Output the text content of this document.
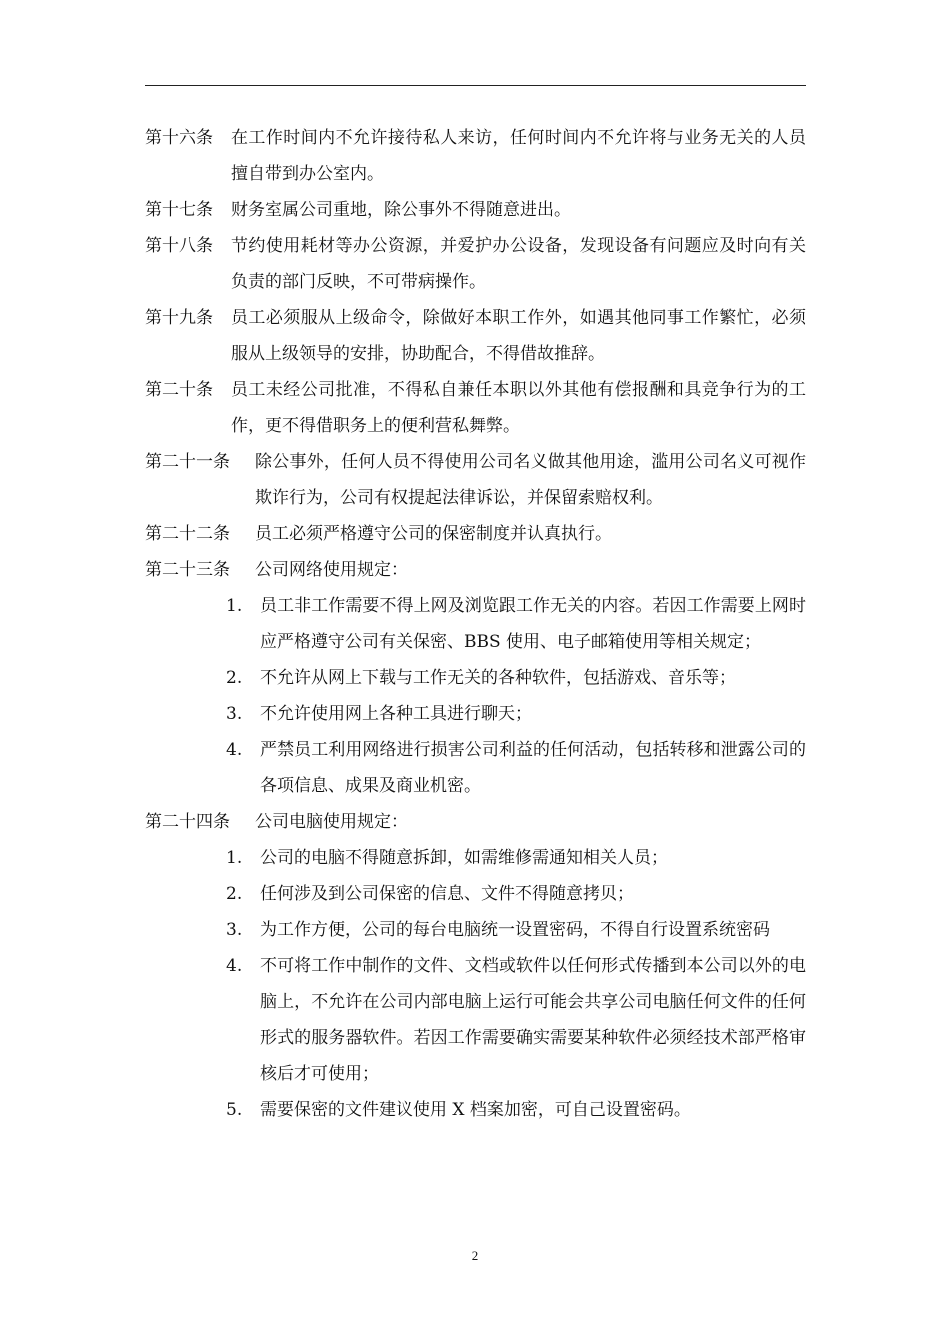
第十六条	在工作时间内不允许接待私人来访，任何时间内不允许将与业务无关的人员擅自带到办公室内。
第十七条	财务室属公司重地，除公事外不得随意进出。
第十八条	节约使用耗材等办公资源，并爱护办公设备，发现设备有问题应及时向有关负责的部门反映，不可带病操作。
第十九条	员工必须服从上级命令，除做好本职工作外，如遇其他同事工作繁忙，必须服从上级领导的安排，协助配合，不得借故推辞。
第二十条	员工未经公司批准，不得私自兼任本职以外其他有偿报酬和具竞争行为的工作，更不得借职务上的便利营私舞弊。
第二十一条	除公事外，任何人员不得使用公司名义做其他用途，滥用公司名义可视作欺诈行为，公司有权提起法律诉讼，并保留索赔权利。
第二十二条	员工必须严格遵守公司的保密制度并认真执行。
第二十三条	公司网络使用规定：
1.	员工非工作需要不得上网及浏览跟工作无关的内容。若因工作需要上网时应严格遵守公司有关保密、BBS 使用、电子邮箱使用等相关规定；
2.	不允许从网上下载与工作无关的各种软件，包括游戏、音乐等；
3.	不允许使用网上各种工具进行聊天；
4.	严禁员工利用网络进行损害公司利益的任何活动，包括转移和泄露公司的各项信息、成果及商业机密。
第二十四条	公司电脑使用规定：
1.	公司的电脑不得随意拆卸，如需维修需通知相关人员；
2.	任何涉及到公司保密的信息、文件不得随意拷贝；
3.	为工作方便，公司的每台电脑统一设置密码，不得自行设置系统密码
4.	不可将工作中制作的文件、文档或软件以任何形式传播到本公司以外的电脑上，不允许在公司内部电脑上运行可能会共享公司电脑任何文件的任何形式的服务器软件。若因工作需要确实需要某种软件必须经技术部严格审核后才可使用；
5.	需要保密的文件建议使用 X 档案加密，可自己设置密码。
2
